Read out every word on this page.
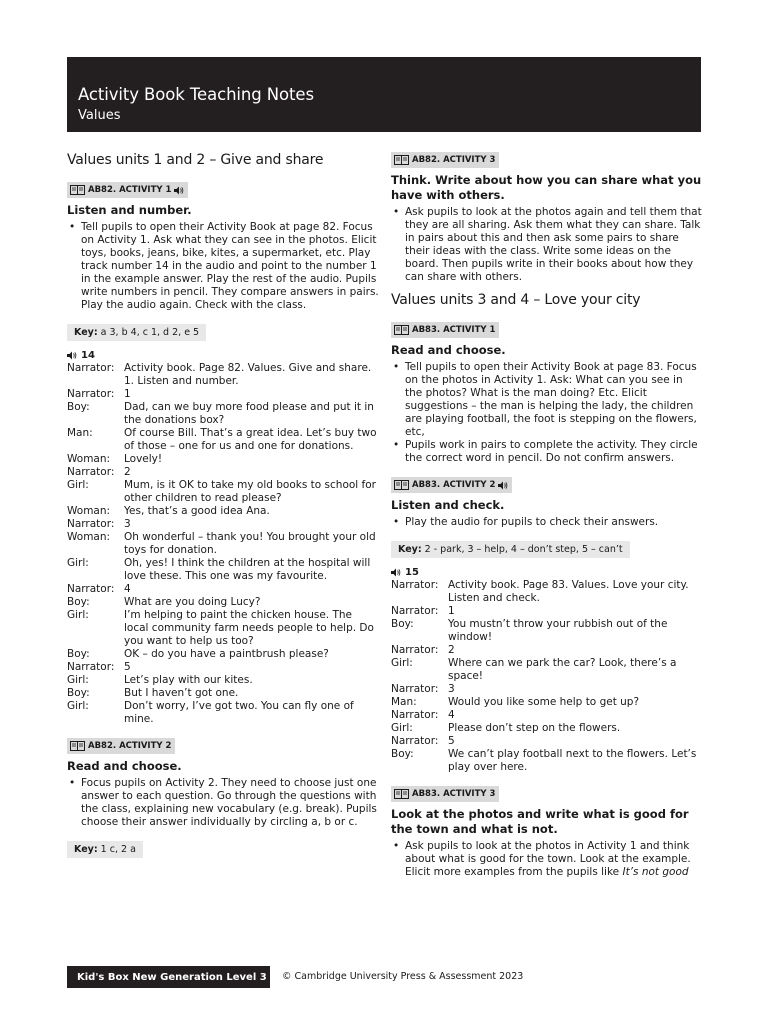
Activity Book Teaching Notes
Values
Values units 1 and 2 – Give and share
AB82. ACTIVITY 1
Listen and number.
• Tell pupils to open their Activity Book at page 82. Focus on Activity 1. Ask what they can see in the photos. Elicit toys, books, jeans, bike, kites, a supermarket, etc. Play track number 14 in the audio and point to the number 1 in the example answer. Play the rest of the audio. Pupils write numbers in pencil. They compare answers in pairs. Play the audio again. Check with the class.
Key: a 3, b 4, c 1, d 2, e 5
14
Narrator: Activity book. Page 82. Values. Give and share. 1. Listen and number.
Narrator: 1
Boy:	Dad, can we buy more food please and put it in the donations box?
Man:	Of course Bill. That’s a great idea. Let’s buy two of those – one for us and one for donations.
Woman:	Lovely!
Narrator: 2
Girl:	Mum, is it OK to take my old books to school for other children to read please?
Woman:	Yes, that’s a good idea Ana.
Narrator: 3
Woman:	Oh wonderful – thank you! You brought your old toys for donation.
Girl:	Oh, yes! I think the children at the hospital will love these. This one was my favourite.
Narrator: 4
Boy:	What are you doing Lucy?
Girl:	I’m helping to paint the chicken house. The local community farm needs people to help. Do you want to help us too?
Boy:	OK – do you have a paintbrush please?
Narrator: 5
Girl:	Let’s play with our kites.
Boy:	But I haven’t got one.
Girl:	Don’t worry, I’ve got two. You can fly one of mine.
AB82. ACTIVITY 2
Read and choose.
• Focus pupils on Activity 2. They need to choose just one answer to each question. Go through the questions with the class, explaining new vocabulary (e.g. break). Pupils choose their answer individually by circling a, b or c.
Key: 1 c, 2 a
AB82. ACTIVITY 3
Think. Write about how you can share what you have with others.
• Ask pupils to look at the photos again and tell them that they are all sharing. Ask them what they can share. Talk in pairs about this and then ask some pairs to share their ideas with the class. Write some ideas on the board. Then pupils write in their books about how they can share with others.
Values units 3 and 4 – Love your city
AB83. ACTIVITY 1
Read and choose.
• Tell pupils to open their Activity Book at page 83. Focus on the photos in Activity 1. Ask: What can you see in the photos? What is the man doing? Etc. Elicit suggestions – the man is helping the lady, the children are playing football, the foot is stepping on the flowers, etc,
• Pupils work in pairs to complete the activity. They circle the correct word in pencil. Do not confirm answers.
AB83. ACTIVITY 2
Listen and check.
• Play the audio for pupils to check their answers.
Key: 2 - park, 3 – help, 4 – don’t step, 5 – can’t
15
Narrator: Activity book. Page 83. Values. Love your city. Listen and check.
Narrator: 1
Boy:	You mustn’t throw your rubbish out of the window!
Narrator: 2
Girl:	Where can we park the car? Look, there’s a space!
Narrator: 3
Man:	Would you like some help to get up?
Narrator: 4
Girl:	Please don’t step on the flowers.
Narrator: 5
Boy:	We can’t play football next to the flowers. Let’s play over here.
AB83. ACTIVITY 3
Look at the photos and write what is good for the town and what is not.
• Ask pupils to look at the photos in Activity 1 and think about what is good for the town. Look at the example. Elicit more examples from the pupils like It’s not good
Kid's Box New Generation Level 3	© Cambridge University Press & Assessment 2023
